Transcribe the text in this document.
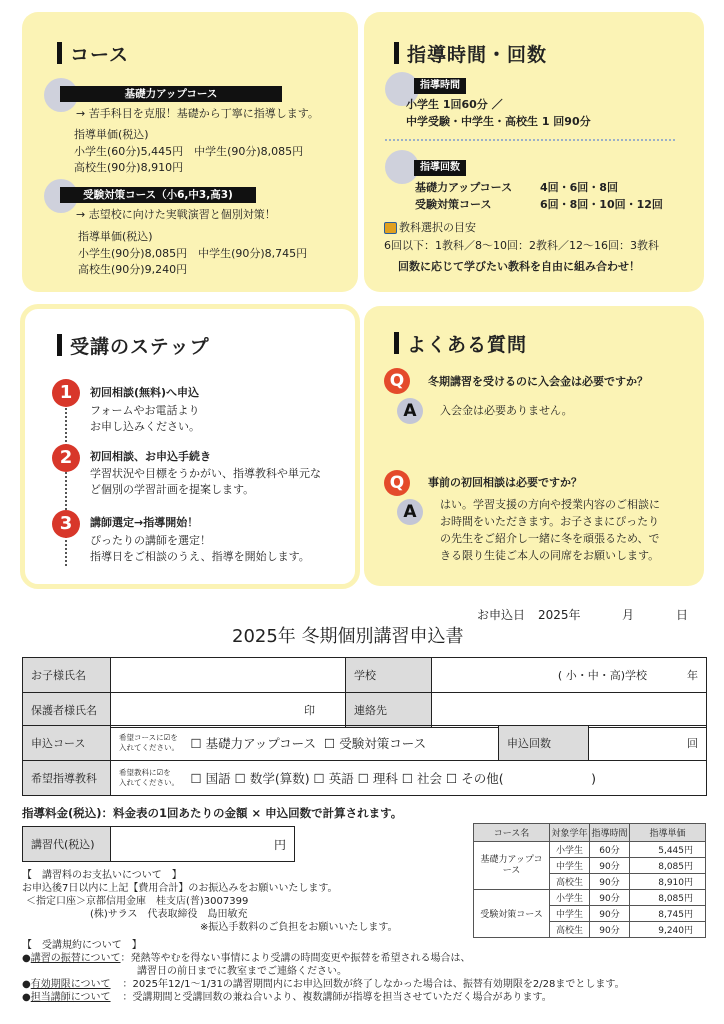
コース
基礎力アップコース
→ 苦手科目を克服！基礎から丁寧に指導します。
指導単価(税込)
小学生(60分)5,445円　中学生(90分)8,085円
高校生(90分)8,910円
受験対策コース（小6,中3,高3)
→ 志望校に向けた実戦演習と個別対策！
指導単価(税込)
小学生(90分)8,085円　中学生(90分)8,745円
高校生(90分)9,240円
指導時間・回数
指導時間
小学生 1回60分 ／
中学受験・中学生・高校生 1 回90分
指導回数
基礎力アップコース	4回・6回・8回
受験対策コース	6回・8回・10回・12回
教科選択の目安
6回以下：1教科／8〜10回：2教科／12〜16回：3教科
回数に応じて学びたい教科を自由に組み合わせ！
受講のステップ
1	初回相談(無料)へ申込
フォームやお電話より
お申し込みください。
2	初回相談、お申込手続き
学習状況や目標をうかがい、指導教科や単元な
ど個別の学習計画を提案します。
3	講師選定→指導開始！
ぴったりの講師を選定！
指導日をご相談のうえ、指導を開始します。
よくある質問
Q	冬期講習を受けるのに入会金は必要ですか？
A	入会金は必要ありません。
Q	事前の初回相談は必要ですか？
A	はい。学習支援の方向や授業内容のご相談に
お時間をいただきます。お子さまにぴったり
の先生をご紹介し一緒に冬を頑張るため、で
きる限り生徒ご本人の同席をお願いします。
お申込日 2025年	月	日
2025年 冬期個別講習申込書
お子様氏名		学校	( 小・中・高)学校 年
保護者様氏名	印	連絡先	
申込コース	希望コースに☑を
入れてください。	☐ 基礎力アップコース ☐ 受験対策コース	申込回数	回
希望指導教科	希望教科に☑を
入れてください。	☐ 国語 ☐ 数学(算数) ☐ 英語 ☐ 理科 ☐ 社会 ☐ その他(　　　　　　　)		
指導料金(税込)：料金表の1回あたりの金額 × 申込回数で計算されます。
講習代(税込)	円
コース名	対象学年	指導時間	指導単価
基礎力アップコース	小学生	60分	5,445円
	中学生	90分	8,085円
	高校生	90分	8,910円
受験対策コース	小学生	90分	8,085円
	中学生	90分	8,745円
	高校生	90分	9,240円
【　講習料のお支払いについて　】
お申込後7日以内に上記【費用合計】のお振込みをお願いいたします。
＜指定口座＞京都信用金庫　桂支店(普)3007399
(株)サラス　代表取締役　島田敏充
※振込手数料のご負担をお願いいたします。
【　受講規約について　】
●講習の振替について：発熱等やむを得ない事情により受講の時間変更や振替を希望される場合は、
講習日の前日までに教室までご連絡ください。
●有効期限について ：2025年12/1〜1/31の講習期間内にお申込回数が終了しなかった場合は、振替有効期限を2/28までとします。
●担当講師について ：受講期間と受講回数の兼ね合いより、複数講師が指導を担当させていただく場合があります。
